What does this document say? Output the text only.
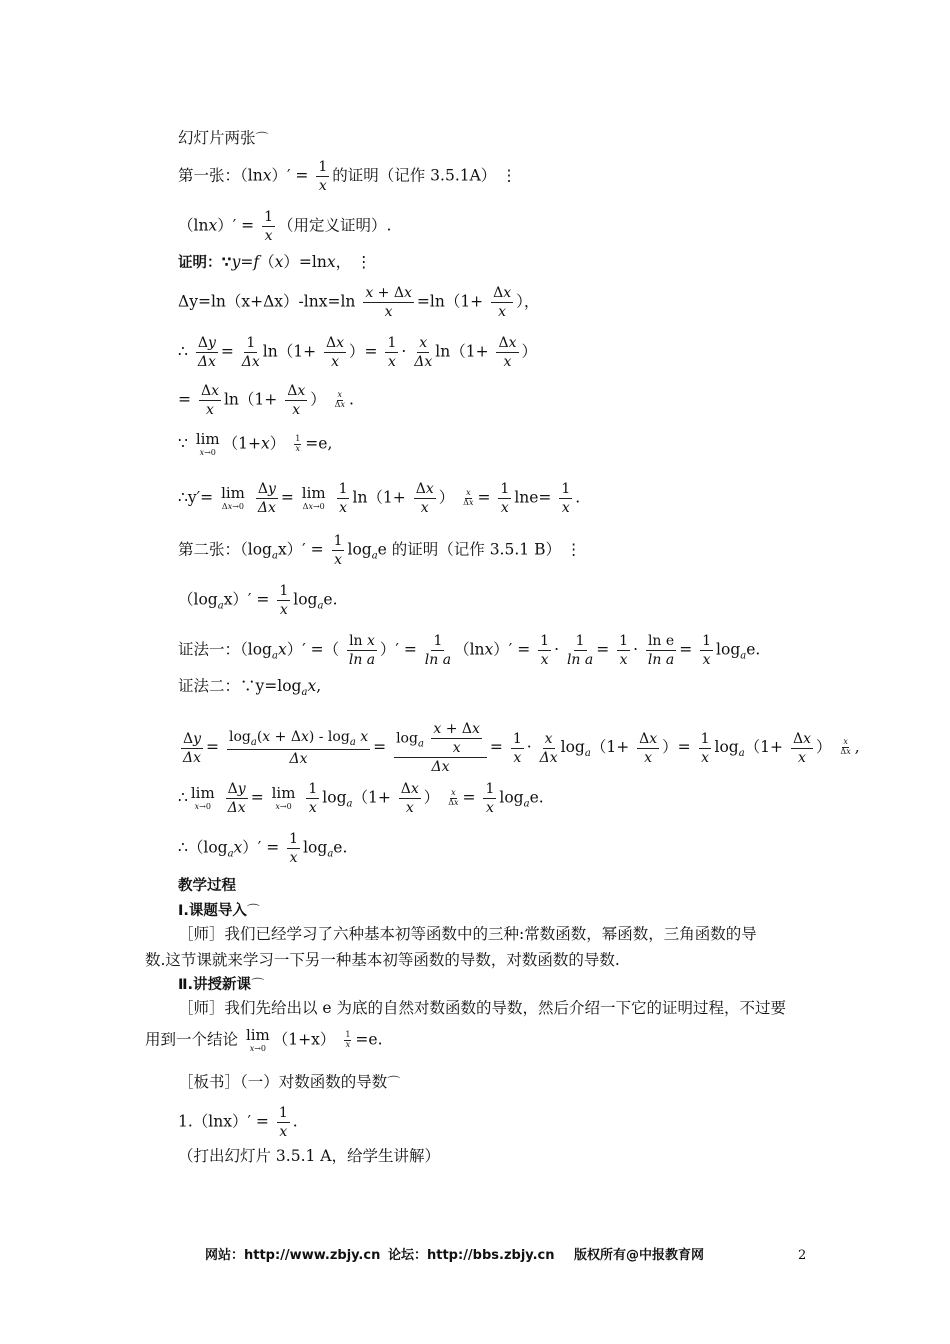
幻灯片两张⌒
第一张：$(\ln x)' = \frac{1}{x}$ 的证明（记作 3.5.1A） ⋮
$(\ln x)' = \frac{1}{x}$ （用定义证明）.
证明：∵y=f（x）=lnx， ⋮
$\Delta y=\ln(x+\Delta x)-\ln x=\ln \frac{x + \Delta x}{x} =\ln(1+ \frac{\Delta x}{x}$ ），
∴ $\frac{\Delta y}{\Delta x} = \frac{1}{\Delta x} \ln(1+ \frac{\Delta x}{x}$ ）= $\frac{1}{x} \cdot \frac{x}{\Delta x} \ln(1+ \frac{\Delta x}{x}$ ）
= $\frac{\Delta x}{x} \ln(1+ \frac{\Delta x}{x}$ ） $\frac{x}{\Delta x}$ .
∵ lim
x→0 $(1+x) \frac{1}{x} =e$,
∴y′= lim
Δx→0
$\frac{\Delta y}{\Delta x} = \lim$
Δx→0
$\frac{1}{x} \ln(1+ \frac{\Delta x}{x}$ ） $\frac{x}{\Delta x} = \frac{1}{x} \ln e= \frac{1}{x}$ .
第二张：$(\log_ax)' = \frac{1}{x} \log_ae$ 的证明（记作 3.5.1 B） ⋮
$(\log_ax)' = \frac{1}{x} \log_ae$.
证法一：$(\log_ax)'$ =（ $\frac{\text{ln x}}{\text{ln a}}$ ）′ = $\frac{1}{\text{ln a}} (\ln x)' = \frac{1}{x} \cdot \frac{1}{\text{ln a}} = \frac{1}{x} \cdot \frac{\text{ln e}}{\text{ln a}} = \frac{1}{x} \log_ae$.
证法二：$\because y=\log_ax$,
$\frac{\Delta y}{\Delta x} = \frac{\log_a(x + \Delta x) - \log_a x}{\Delta x} = \frac{\log_a \frac{x + \Delta x}{x}}{\Delta x} = \frac{1}{x} \cdot \frac{x}{\Delta x} \log_a(1+ \frac{\Delta x}{x}$ ）= $\frac{1}{x} \log_a(1+ \frac{\Delta x}{x}$ ） $\frac{x}{\Delta x}$ ,
∴ lim
x→0
$\frac{\Delta y}{\Delta x} = \lim$
x→0
$\frac{1}{x} \log_a(1+ \frac{\Delta x}{x}$ ） $\frac{x}{\Delta x} = \frac{1}{x} \log_ae$.
$\therefore(\log_ax)' = \frac{1}{x} \log_ae$.
教学过程
Ⅰ.课题导入⌒
［师］我们已经学习了六种基本初等函数中的三种:常数函数，幂函数，三角函数的导
数.这节课就来学习一下另一种基本初等函数的导数，对数函数的导数.
Ⅱ.讲授新课⌒
［师］我们先给出以 e 为底的自然对数函数的导数，然后介绍一下它的证明过程，不过要
用到一个结论 lim
x→0 $(1+x) \frac{1}{x} =e$.
［板书］（一）对数函数的导数⌒
$1.(\ln x)' = \frac{1}{x}$ .
（打出幻灯片 3.5.1 A，给学生讲解）
网站：http://www.zbjy.cn 论坛：http://bbs.zbjy.cn 版权所有@中报教育网	2
